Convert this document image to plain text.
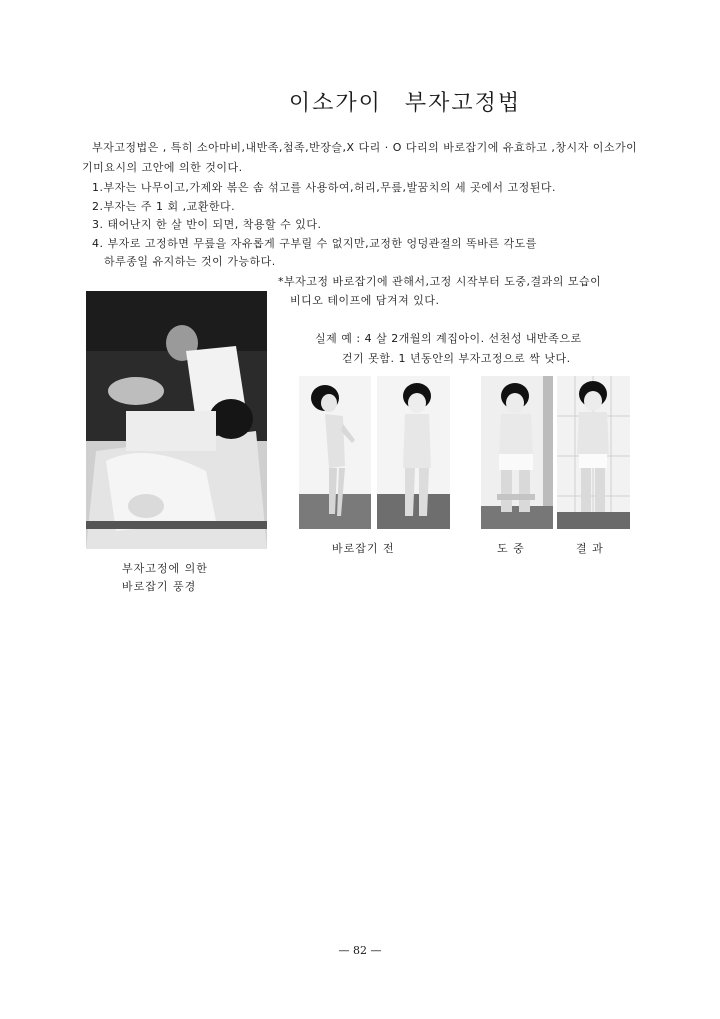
이소가이 부자고정법
부자고정법은 , 특히 소아마비,내반족,첨족,반장슬,X 다리 · O 다리의 바로잡기에 유효하고 ,창시자 이소가이
기미요시의 고안에 의한 것이다.
1.부자는 나무이고,가제와 볶은 솜 섞고를 사용하여,허리,무릎,발꿈치의 세 곳에서 고정된다.
2.부자는 주 1 회 ,교환한다.
3. 태어난지 한 살 반이 되면, 착용할 수 있다.
4. 부자로 고정하면 무릎을 자유롭게 구부릴 수 없지만,교정한 엉덩관절의 똑바른 각도를
하루종일 유지하는 것이 가능하다.
*부자고정 바로잡기에 관해서,고정 시작부터 도중,결과의 모습이
비디오 테이프에 담겨져 있다.
실제 예 : 4 살 2개월의 계집아이. 선천성 내반족으로
걷기 못함. 1 년동안의 부자고정으로 싹 낫다.
바로잡기 전	도 중	결 과
부자고정에 의한
바로잡기 풍경
— 82 —
